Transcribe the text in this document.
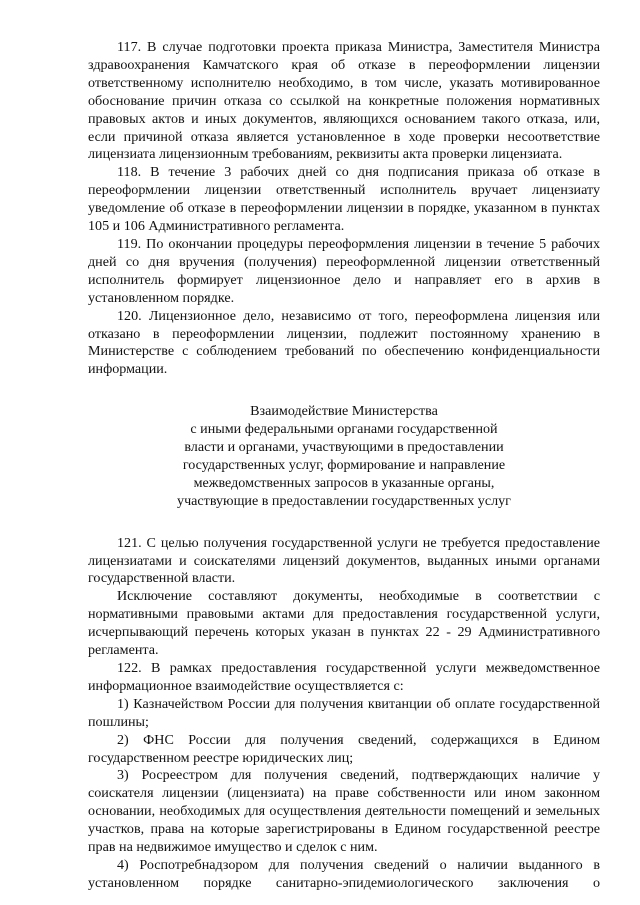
117. В случае подготовки проекта приказа Министра, Заместителя Министра здравоохранения Камчатского края об отказе в переоформлении лицензии ответственному исполнителю необходимо, в том числе, указать мотивированное обоснование причин отказа со ссылкой на конкретные положения нормативных правовых актов и иных документов, являющихся основанием такого отказа, или, если причиной отказа является установленное в ходе проверки несоответствие лицензиата лицензионным требованиям, реквизиты акта проверки лицензиата.

118. В течение 3 рабочих дней со дня подписания приказа об отказе в переоформлении лицензии ответственный исполнитель вручает лицензиату уведомление об отказе в переоформлении лицензии в порядке, указанном в пунктах 105 и 106 Административного регламента.

119. По окончании процедуры переоформления лицензии в течение 5 рабочих дней со дня вручения (получения) переоформленной лицензии ответственный исполнитель формирует лицензионное дело и направляет его в архив в установленном порядке.

120. Лицензионное дело, независимо от того, переоформлена лицензия или отказано в переоформлении лицензии, подлежит постоянному хранению в Министерстве с соблюдением требований по обеспечению конфиденциальности информации.

Взаимодействие Министерства
с иными федеральными органами государственной
власти и органами, участвующими в предоставлении
государственных услуг, формирование и направление
межведомственных запросов в указанные органы,
участвующие в предоставлении государственных услуг

121. С целью получения государственной услуги не требуется предоставление лицензиатами и соискателями лицензий документов, выданных иными органами государственной власти.

Исключение составляют документы, необходимые в соответствии с нормативными правовыми актами для предоставления государственной услуги, исчерпывающий перечень которых указан в пунктах 22 - 29 Административного регламента.

122. В рамках предоставления государственной услуги межведомственное информационное взаимодействие осуществляется с:

1) Казначейством России для получения квитанции об оплате государственной пошлины;

2) ФНС России для получения сведений, содержащихся в Едином государственном реестре юридических лиц;

3) Росреестром для получения сведений, подтверждающих наличие у соискателя лицензии (лицензиата) на праве собственности или ином законном основании, необходимых для осуществления деятельности помещений и земельных участков, права на которые зарегистрированы в Едином государственной реестре прав на недвижимое имущество и сделок с ним.

4) Роспотребнадзором для получения сведений о наличии выданного в установленном порядке санитарно-эпидемиологического заключения о
